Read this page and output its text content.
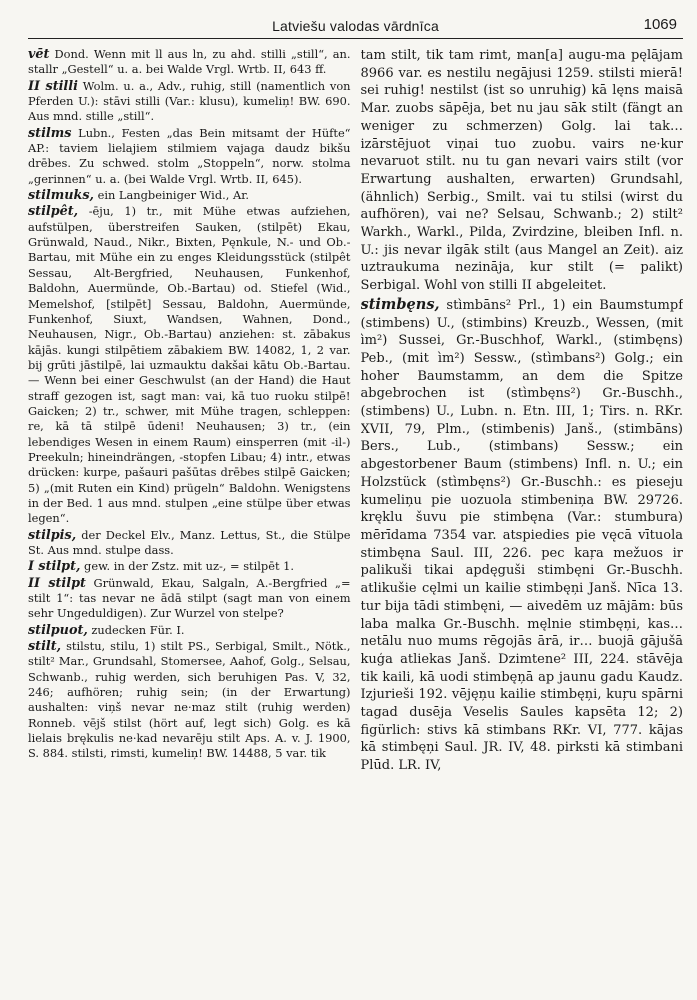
Latviešu valodas vārdnīca	1069

vēt Dond. Wenn mit ll aus ln, zu ahd. stilli „still“, an. stallr „Gestell“ u. a. bei Walde Vrgl. Wrtb. II, 643 ff.

II stilli Wolm. u. a., Adv., ruhig, still (namentlich von Pferden U.): stāvi stilli (Var.: klusu), kumeliņ! BW. 690. Aus mnd. stille „still“.

stilms Lubn., Festen „das Bein mitsamt der Hüfte“ AP.: taviem lielajiem stilmiem vajaga daudz bikšu drēbes. Zu schwed. stolm „Stoppeln“, norw. stolma „gerinnen“ u. a. (bei Walde Vrgl. Wrtb. II, 645).

stilmuks, ein Langbeiniger Wid., Ar.

stilpêt, -ēju, 1) tr., mit Mühe etwas aufziehen, aufstülpen, überstreifen Sauken, (stilpēt) Ekau, Grünwald, Naud., Nikr., Bixten, Pęnkule, N.- und Ob.-Bartau, mit Mühe ein zu enges Kleidungsstück (stilpêt Sessau, Alt-Bergfried, Neuhausen, Funkenhof, Baldohn, Auermünde, Ob.-Bartau) od. Stiefel (Wid., Memelshof, [stilpēt] Sessau, Baldohn, Auermünde, Funkenhof, Siuxt, Wandsen, Wahnen, Dond., Neuhausen, Nigr., Ob.-Bartau) anziehen: st. zābakus kājās. kungi stilpētiem zābakiem BW. 14082, 1, 2 var. bij grūti jāstilpē, lai uzmauktu dakšai kātu Ob.-Bartau. — Wenn bei einer Geschwulst (an der Hand) die Haut straff gezogen ist, sagt man: vai, kā tuo ruoku stilpē! Gaicken; 2) tr., schwer, mit Mühe tragen, schleppen: re, kā tā stilpē ūdeni! Neuhausen; 3) tr., (ein lebendiges Wesen in einem Raum) einsperren (mit -il-) Preekuln; hineindrängen, -stopfen Libau; 4) intr., etwas drücken: kurpe, pašauri pašūtas drēbes stilpē Gaicken; 5) „(mit Ruten ein Kind) prügeln“ Baldohn. Wenigstens in der Bed. 1 aus mnd. stulpen „eine stülpe über etwas legen“.

stilpis, der Deckel Elv., Manz. Lettus, St., die Stülpe St. Aus mnd. stulpe dass.

I stilpt, gew. in der Zstz. mit uz-, = stilpēt 1.

II stilpt Grünwald, Ekau, Salgaln, A.-Bergfried „= stilt 1“: tas nevar ne ādā stilpt (sagt man von einem sehr Ungeduldigen). Zur Wurzel von stelpe?

stilpuot, zudecken Für. I.

stilt, stilstu, stilu, 1) stilt PS., Serbigal, Smilt., Nötk., stilt² Mar., Grundsahl, Stomersee, Aahof, Golg., Selsau, Schwanb., ruhig werden, sich beruhigen Pas. V, 32, 246; aufhören; ruhig sein; (in der Erwartung) aushalten: viņš nevar ne·maz stilt (ruhig werden) Ronneb. vējš stilst (hört auf, legt sich) Golg. es kā lielais brękulis ne·kad nevarēju stilt Aps. A. v. J. 1900, S. 884. stilsti, rimsti, kumeliņ! BW. 14488, 5 var. tik

tam stilt, tik tam rimt, man[a] augu-ma pęlājam 8966 var. es nestilu negājusi 1259. stilsti mierā! sei ruhig! nestilst (ist so unruhig) kā lęns maisā Mar. zuobs sāpēja, bet nu jau sāk stilt (fängt an weniger zu schmerzen) Golg. lai tak… izārstējuot viņai tuo zuobu. vairs ne·kur nevaruot stilt. nu tu gan nevari vairs stilt (vor Erwartung aushalten, erwarten) Grundsahl, (ähnlich) Serbig., Smilt. vai tu stilsi (wirst du aufhören), vai ne? Selsau, Schwanb.; 2) stilt² Warkh., Warkl., Pilda, Zvirdzine, bleiben Infl. n. U.: jis nevar ilgāk stilt (aus Mangel an Zeit). aiz uztraukuma nezināja, kur stilt (= palikt) Serbigal. Wohl von stilli II abgeleitet.

stimbęns, stìmbāns² Prl., 1) ein Baumstumpf (stimbens) U., (stimbins) Kreuzb., Wessen, (mit ìm²) Sussei, Gr.-Buschhof, Warkl., (stimbęns) Peb., (mit ìm²) Sessw., (stìmbans²) Golg.; ein hoher Baumstamm, an dem die Spitze abgebrochen ist (stìmbęns²) Gr.-Buschh., (stimbens) U., Lubn. n. Etn. III, 1; Tirs. n. RKr. XVII, 79, Plm., (stimbenis) Janš., (stimbāns) Bers., Lub., (stimbans) Sessw.; ein abgestorbener Baum (stimbens) Infl. n. U.; ein Holzstück (stìmbęns²) Gr.-Buschh.: es pieseju kumeliņu pie uozuola stimbeniņa BW. 29726. kręklu šuvu pie stimbęna (Var.: stumbura) mērīdama 7354 var. atspiedies pie vęcā vītuola stimbęna Saul. III, 226. pec kaŗa mežuos ir palikuši tikai apdęguši stimbęni Gr.-Buschh. atlikušie cęlmi un kailie stimbęņi Janš. Nīca 13. tur bija tādi stimbęni, — aivedēm uz mājām: būs laba malka Gr.-Buschh. męlnie stimbęņi, kas… netālu nuo mums rēgojās ārā, ir… buojā gājušā kuģa atliekas Janš. Dzimtene² III, 224. stāvēja tik kaili, kā uodi stimbęņā ap jaunu gadu Kaudz. Izjurieši 192. vējęņu kailie stimbęņi, kuŗu spārni tagad dusēja Veselis Saules kapsēta 12; 2) figürlich: stivs kā stimbans RKr. VI, 777. kājas kā stimbęņi Saul. JR. IV, 48. pirksti kā stimbani Plūd. LR. IV,
